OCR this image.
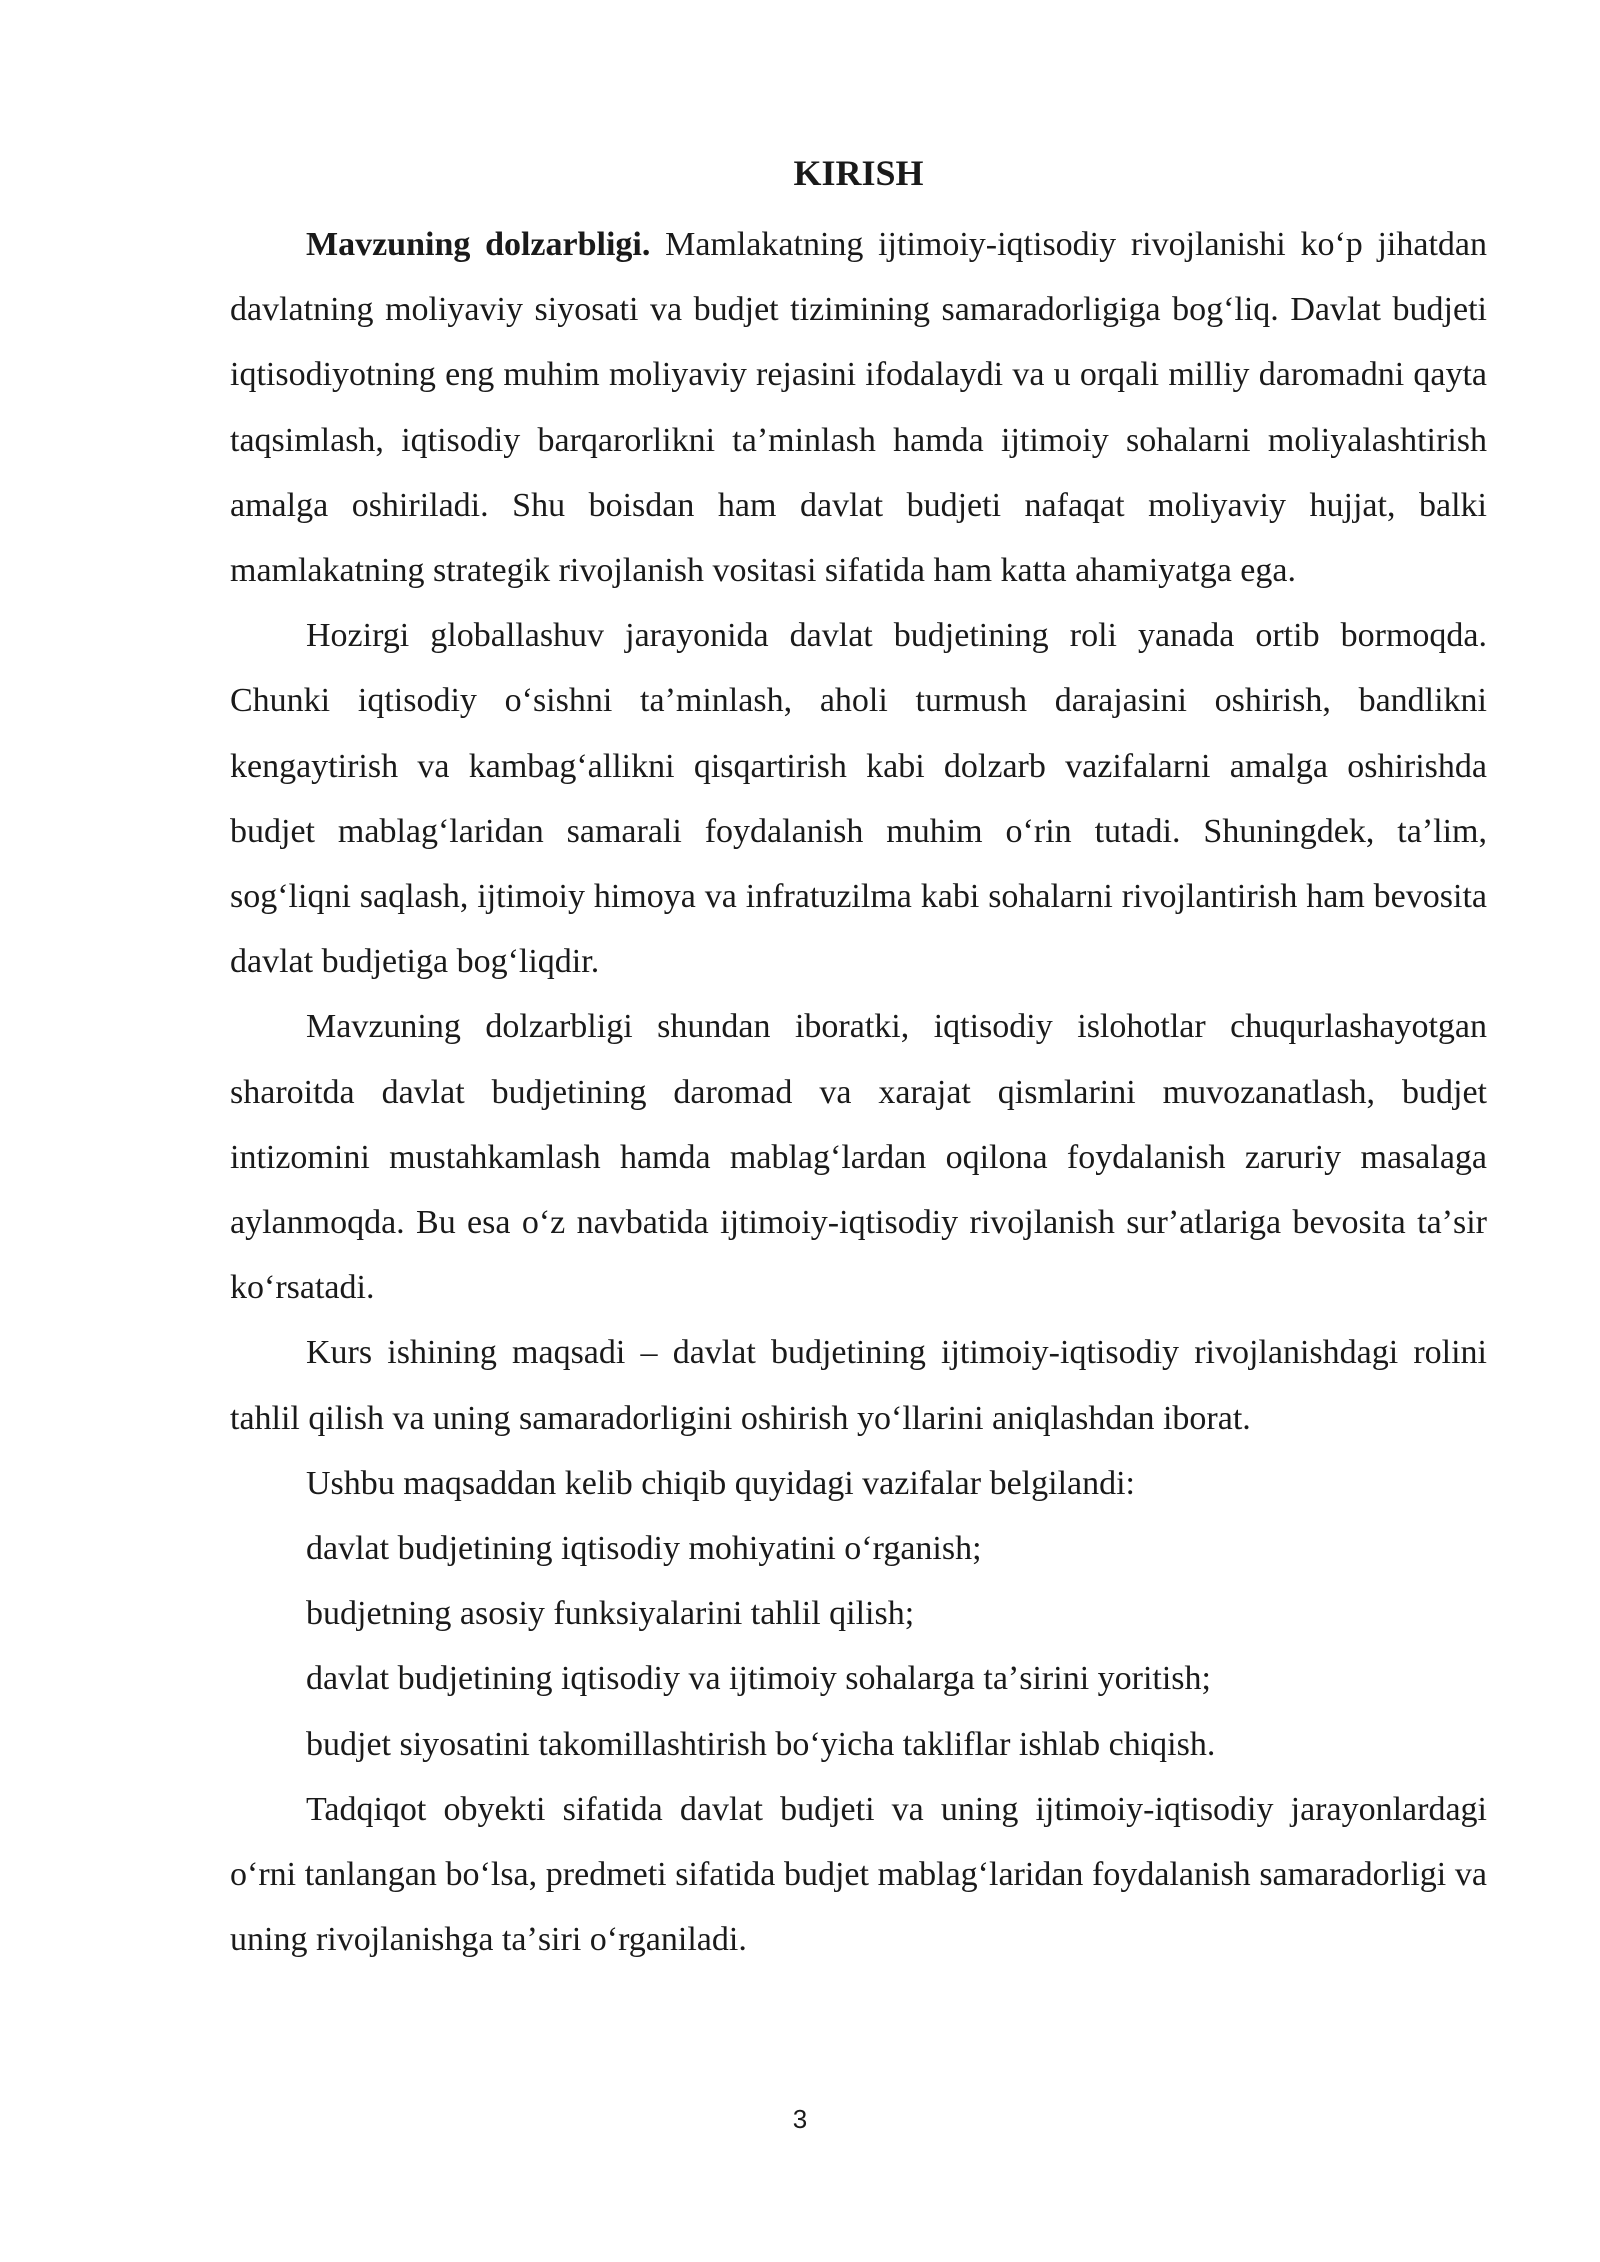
KIRISH

Mavzuning dolzarbligi. Mamlakatning ijtimoiy-iqtisodiy rivojlanishi koʻp jihatdan davlatning moliyaviy siyosati va budjet tizimining samaradorligiga bogʻliq. Davlat budjeti iqtisodiyotning eng muhim moliyaviy rejasini ifodalaydi va u orqali milliy daromadni qayta taqsimlash, iqtisodiy barqarorlikni taʼminlash hamda ijtimoiy sohalarni moliyalashtirish amalga oshiriladi. Shu boisdan ham davlat budjeti nafaqat moliyaviy hujjat, balki mamlakatning strategik rivojlanish vositasi sifatida ham katta ahamiyatga ega.

Hozirgi globallashuv jarayonida davlat budjetining roli yanada ortib bormoqda. Chunki iqtisodiy oʻsishni taʼminlash, aholi turmush darajasini oshirish, bandlikni kengaytirish va kambagʻallikni qisqartirish kabi dolzarb vazifalarni amalga oshirishda budjet mablagʻlaridan samarali foydalanish muhim oʻrin tutadi. Shuningdek, taʼlim, sogʻliqni saqlash, ijtimoiy himoya va infratuzilma kabi sohalarni rivojlantirish ham bevosita davlat budjetiga bogʻliqdir.

Mavzuning dolzarbligi shundan iboratki, iqtisodiy islohotlar chuqurlashayotgan sharoitda davlat budjetining daromad va xarajat qismlarini muvozanatlash, budjet intizomini mustahkamlash hamda mablagʻlardan oqilona foydalanish zaruriy masalaga aylanmoqda. Bu esa oʻz navbatida ijtimoiy-iqtisodiy rivojlanish surʼatlariga bevosita taʼsir koʻrsatadi.

Kurs ishining maqsadi – davlat budjetining ijtimoiy-iqtisodiy rivojlanishdagi rolini tahlil qilish va uning samaradorligini oshirish yoʻllarini aniqlashdan iborat.

Ushbu maqsaddan kelib chiqib quyidagi vazifalar belgilandi:

davlat budjetining iqtisodiy mohiyatini oʻrganish;

budjetning asosiy funksiyalarini tahlil qilish;

davlat budjetining iqtisodiy va ijtimoiy sohalarga taʼsirini yoritish;

budjet siyosatini takomillashtirish boʻyicha takliflar ishlab chiqish.

Tadqiqot obyekti sifatida davlat budjeti va uning ijtimoiy-iqtisodiy jarayonlardagi oʻrni tanlangan boʻlsa, predmeti sifatida budjet mablagʻlaridan foydalanish samaradorligi va uning rivojlanishga taʼsiri oʻrganiladi.

3
